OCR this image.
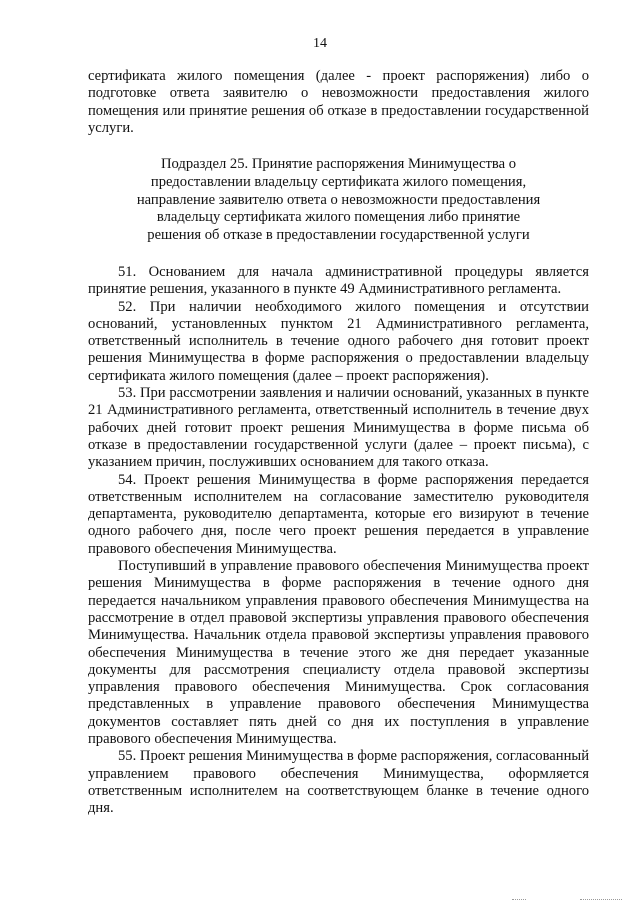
14

сертификата жилого помещения (далее - проект распоряжения) либо о подготовке ответа заявителю о невозможности предоставления жилого помещения или принятие решения об отказе в предоставлении государственной услуги.

Подраздел 25. Принятие распоряжения Минимущества о
предоставлении владельцу сертификата жилого помещения,
направление заявителю ответа о невозможности предоставления
владельцу сертификата жилого помещения либо принятие
решения об отказе в предоставлении государственной услуги

51. Основанием для начала административной процедуры является принятие решения, указанного в пункте 49 Административного регламента.

52. При наличии необходимого жилого помещения и отсутствии оснований, установленных пунктом 21 Административного регламента, ответственный исполнитель в течение одного рабочего дня готовит проект решения Минимущества в форме распоряжения о предоставлении владельцу сертификата жилого помещения (далее – проект распоряжения).

53. При рассмотрении заявления и наличии оснований, указанных в пункте 21 Административного регламента, ответственный исполнитель в течение двух рабочих дней готовит проект решения Минимущества в форме письма об отказе в предоставлении государственной услуги (далее – проект письма), с указанием причин, послуживших основанием для такого отказа.

54. Проект решения Минимущества в форме распоряжения передается ответственным исполнителем на согласование заместителю руководителя департамента, руководителю департамента, которые его визируют в течение одного рабочего дня, после чего проект решения передается в управление правового обеспечения Минимущества.

Поступивший в управление правового обеспечения Минимущества проект решения Минимущества в форме распоряжения в течение одного дня передается начальником управления правового обеспечения Минимущества на рассмотрение в отдел правовой экспертизы управления правового обеспечения Минимущества. Начальник отдела правовой экспертизы управления правового обеспечения Минимущества в течение этого же дня передает указанные документы для рассмотрения специалисту отдела правовой экспертизы управления правового обеспечения Минимущества. Срок согласования представленных в управление правового обеспечения Минимущества документов составляет пять дней со дня их поступления в управление правового обеспечения Минимущества.

55. Проект решения Минимущества в форме распоряжения, согласованный управлением правового обеспечения Минимущества, оформляется ответственным исполнителем на соответствующем бланке в течение одного дня.
